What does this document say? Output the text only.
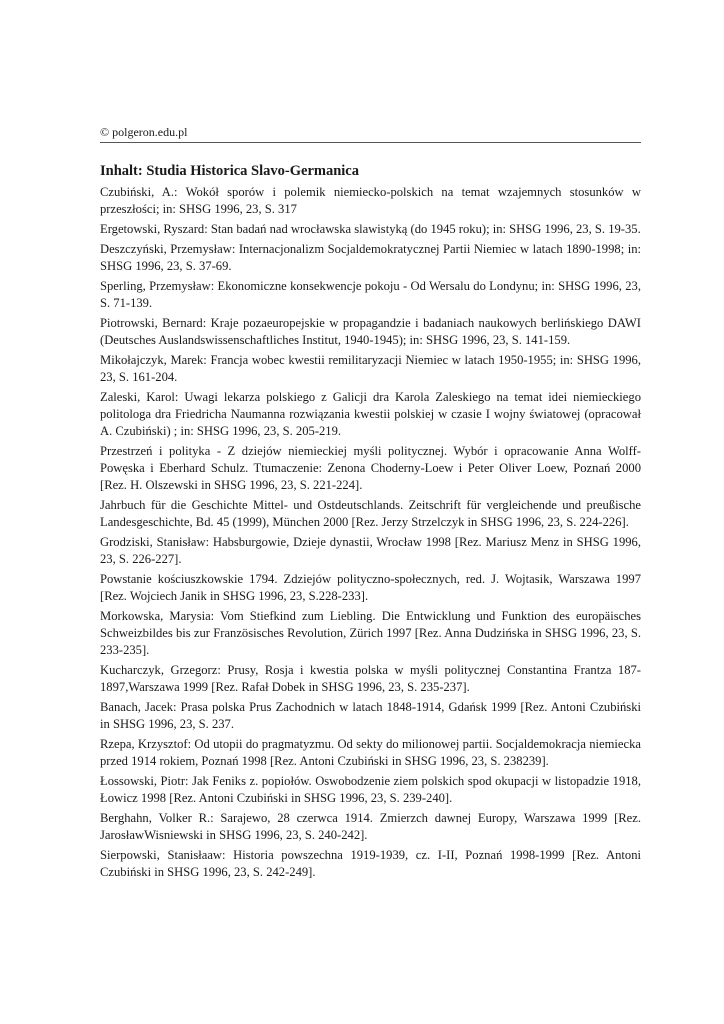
© polgeron.edu.pl
Inhalt: Studia Historica Slavo-Germanica
Czubiński, A.: Wokół sporów i polemik niemiecko-polskich na temat wzajemnych stosunków w przeszłości; in: SHSG 1996, 23, S. 317
Ergetowski, Ryszard: Stan badań nad wrocławska slawistyką (do 1945 roku); in: SHSG 1996, 23, S. 19-35.
Deszczyński, Przemysław: Internacjonalizm Socjaldemokratycznej Partii Niemiec w latach 1890-1998; in: SHSG 1996, 23, S. 37-69.
Sperling, Przemysław: Ekonomiczne konsekwencje pokoju - Od Wersalu do Londynu; in: SHSG 1996, 23, S. 71-139.
Piotrowski, Bernard: Kraje pozaeuropejskie w propagandzie i badaniach naukowych berlińskiego DAWI (Deutsches Auslandswissenschaftliches Institut, 1940-1945); in: SHSG 1996, 23, S. 141-159.
Mikołajczyk, Marek: Francja wobec kwestii remilitaryzacji Niemiec w latach 1950-1955; in: SHSG 1996, 23, S. 161-204.
Zaleski, Karol: Uwagi lekarza polskiego z Galicji dra Karola Zaleskiego na temat idei niemieckiego politologa dra Friedricha Naumanna rozwiązania kwestii polskiej w czasie I wojny światowej (opracował A. Czubiński) ; in: SHSG 1996, 23, S. 205-219.
Przestrzeń i polityka - Z dziejów niemieckiej myśli politycznej. Wybór i opracowanie Anna Wolff-Powęska i Eberhard Schulz. Ttumaczenie: Zenona Choderny-Loew i Peter Oliver Loew, Poznań 2000 [Rez. H. Olszewski in SHSG 1996, 23, S. 221-224].
Jahrbuch für die Geschichte Mittel- und Ostdeutschlands. Zeitschrift für vergleichende und preußische Landesgeschichte, Bd. 45 (1999), München 2000 [Rez. Jerzy Strzelczyk in SHSG 1996, 23, S. 224-226].
Grodziski, Stanisław: Habsburgowie, Dzieje dynastii, Wrocław 1998 [Rez. Mariusz Menz in SHSG 1996, 23, S. 226-227].
Powstanie kościuszkowskie 1794. Zdziejów polityczno-społecznych, red. J. Wojtasik, Warszawa 1997 [Rez. Wojciech Janik in SHSG 1996, 23, S.228-233].
Morkowska, Marysia: Vom Stiefkind zum Liebling. Die Entwicklung und Funktion des europäisches Schweizbildes bis zur Französisches Revolution, Zürich 1997 [Rez. Anna Dudzińska in SHSG 1996, 23, S. 233-235].
Kucharczyk, Grzegorz: Prusy, Rosja i kwestia polska w myśli politycznej Constantina Frantza 187-1897,Warszawa 1999 [Rez. Rafał Dobek in SHSG 1996, 23, S. 235-237].
Banach, Jacek: Prasa polska Prus Zachodnich w latach 1848-1914, Gdańsk 1999 [Rez. Antoni Czubiński in SHSG 1996, 23, S. 237.
Rzepa, Krzysztof: Od utopii do pragmatyzmu. Od sekty do milionowej partii. Socjaldemokracja niemiecka przed 1914 rokiem, Poznań 1998 [Rez. Antoni Czubiński in SHSG 1996, 23, S. 238239].
Łossowski, Piotr: Jak Feniks z. popiołów. Oswobodzenie ziem polskich spod okupacji w listopadzie 1918, Łowicz 1998 [Rez. Antoni Czubiński in SHSG 1996, 23, S. 239-240].
Berghahn, Volker R.: Sarajewo, 28 czerwca 1914. Zmierzch dawnej Europy, Warszawa 1999 [Rez. JarosławWisniewski in SHSG 1996, 23, S. 240-242].
Sierpowski, Stanisłaaw: Historia powszechna 1919-1939, cz. I-II, Poznań 1998-1999 [Rez. Antoni Czubiński in SHSG 1996, 23, S. 242-249].
